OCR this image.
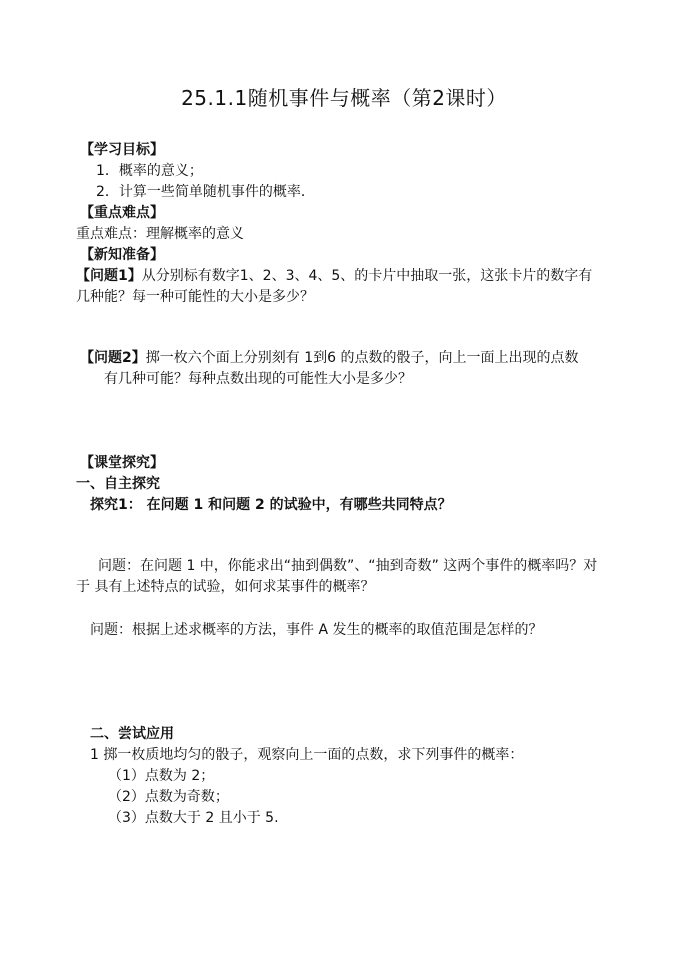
25.1.1随机事件与概率（第2课时）
【学习目标】
1．概率的意义；
2．计算一些简单随机事件的概率．
【重点难点】
重点难点：理解概率的意义
【新知准备】
【问题1】从分别标有数字1、2、3、4、5、的卡片中抽取一张，这张卡片的数字有
几种能？每一种可能性的大小是多少？
【问题2】掷一枚六个面上分别刻有 1到6 的点数的骰子，向上一面上出现的点数
有几种可能？每种点数出现的可能性大小是多少？
【课堂探究】
一、自主探究
探究1： 在问题 1 和问题 2 的试验中，有哪些共同特点？
问题：在问题 1 中，你能求出“抽到偶数”、“抽到奇数” 这两个事件的概率吗？对
于 具有上述特点的试验，如何求某事件的概率？
问题：根据上述求概率的方法，事件 A 发生的概率的取值范围是怎样的？
二、尝试应用
1 掷一枚质地均匀的骰子，观察向上一面的点数，求下列事件的概率：
（1）点数为 2；
（2）点数为奇数；
（3）点数大于 2 且小于 5.
